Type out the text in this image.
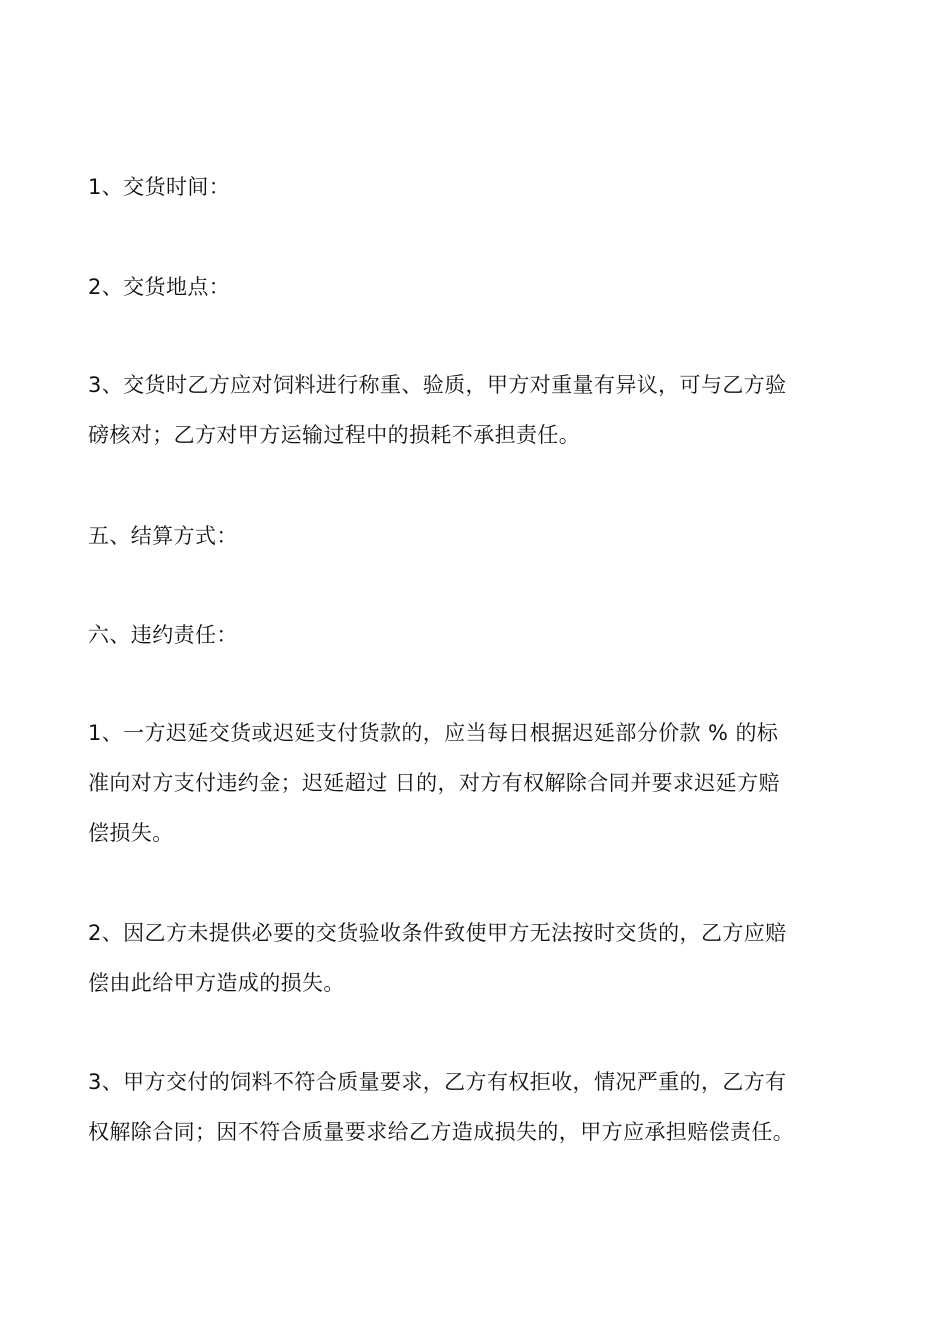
1、交货时间：
2、交货地点：
3、交货时乙方应对饲料进行称重、验质，甲方对重量有异议，可与乙方验
磅核对；乙方对甲方运输过程中的损耗不承担责任。
五、结算方式：
六、违约责任：
1、一方迟延交货或迟延支付货款的，应当每日根据迟延部分价款 % 的标
准向对方支付违约金；迟延超过 日的，对方有权解除合同并要求迟延方赔
偿损失。
2、因乙方未提供必要的交货验收条件致使甲方无法按时交货的，乙方应赔
偿由此给甲方造成的损失。
3、甲方交付的饲料不符合质量要求，乙方有权拒收，情况严重的，乙方有
权解除合同；因不符合质量要求给乙方造成损失的，甲方应承担赔偿责任。
